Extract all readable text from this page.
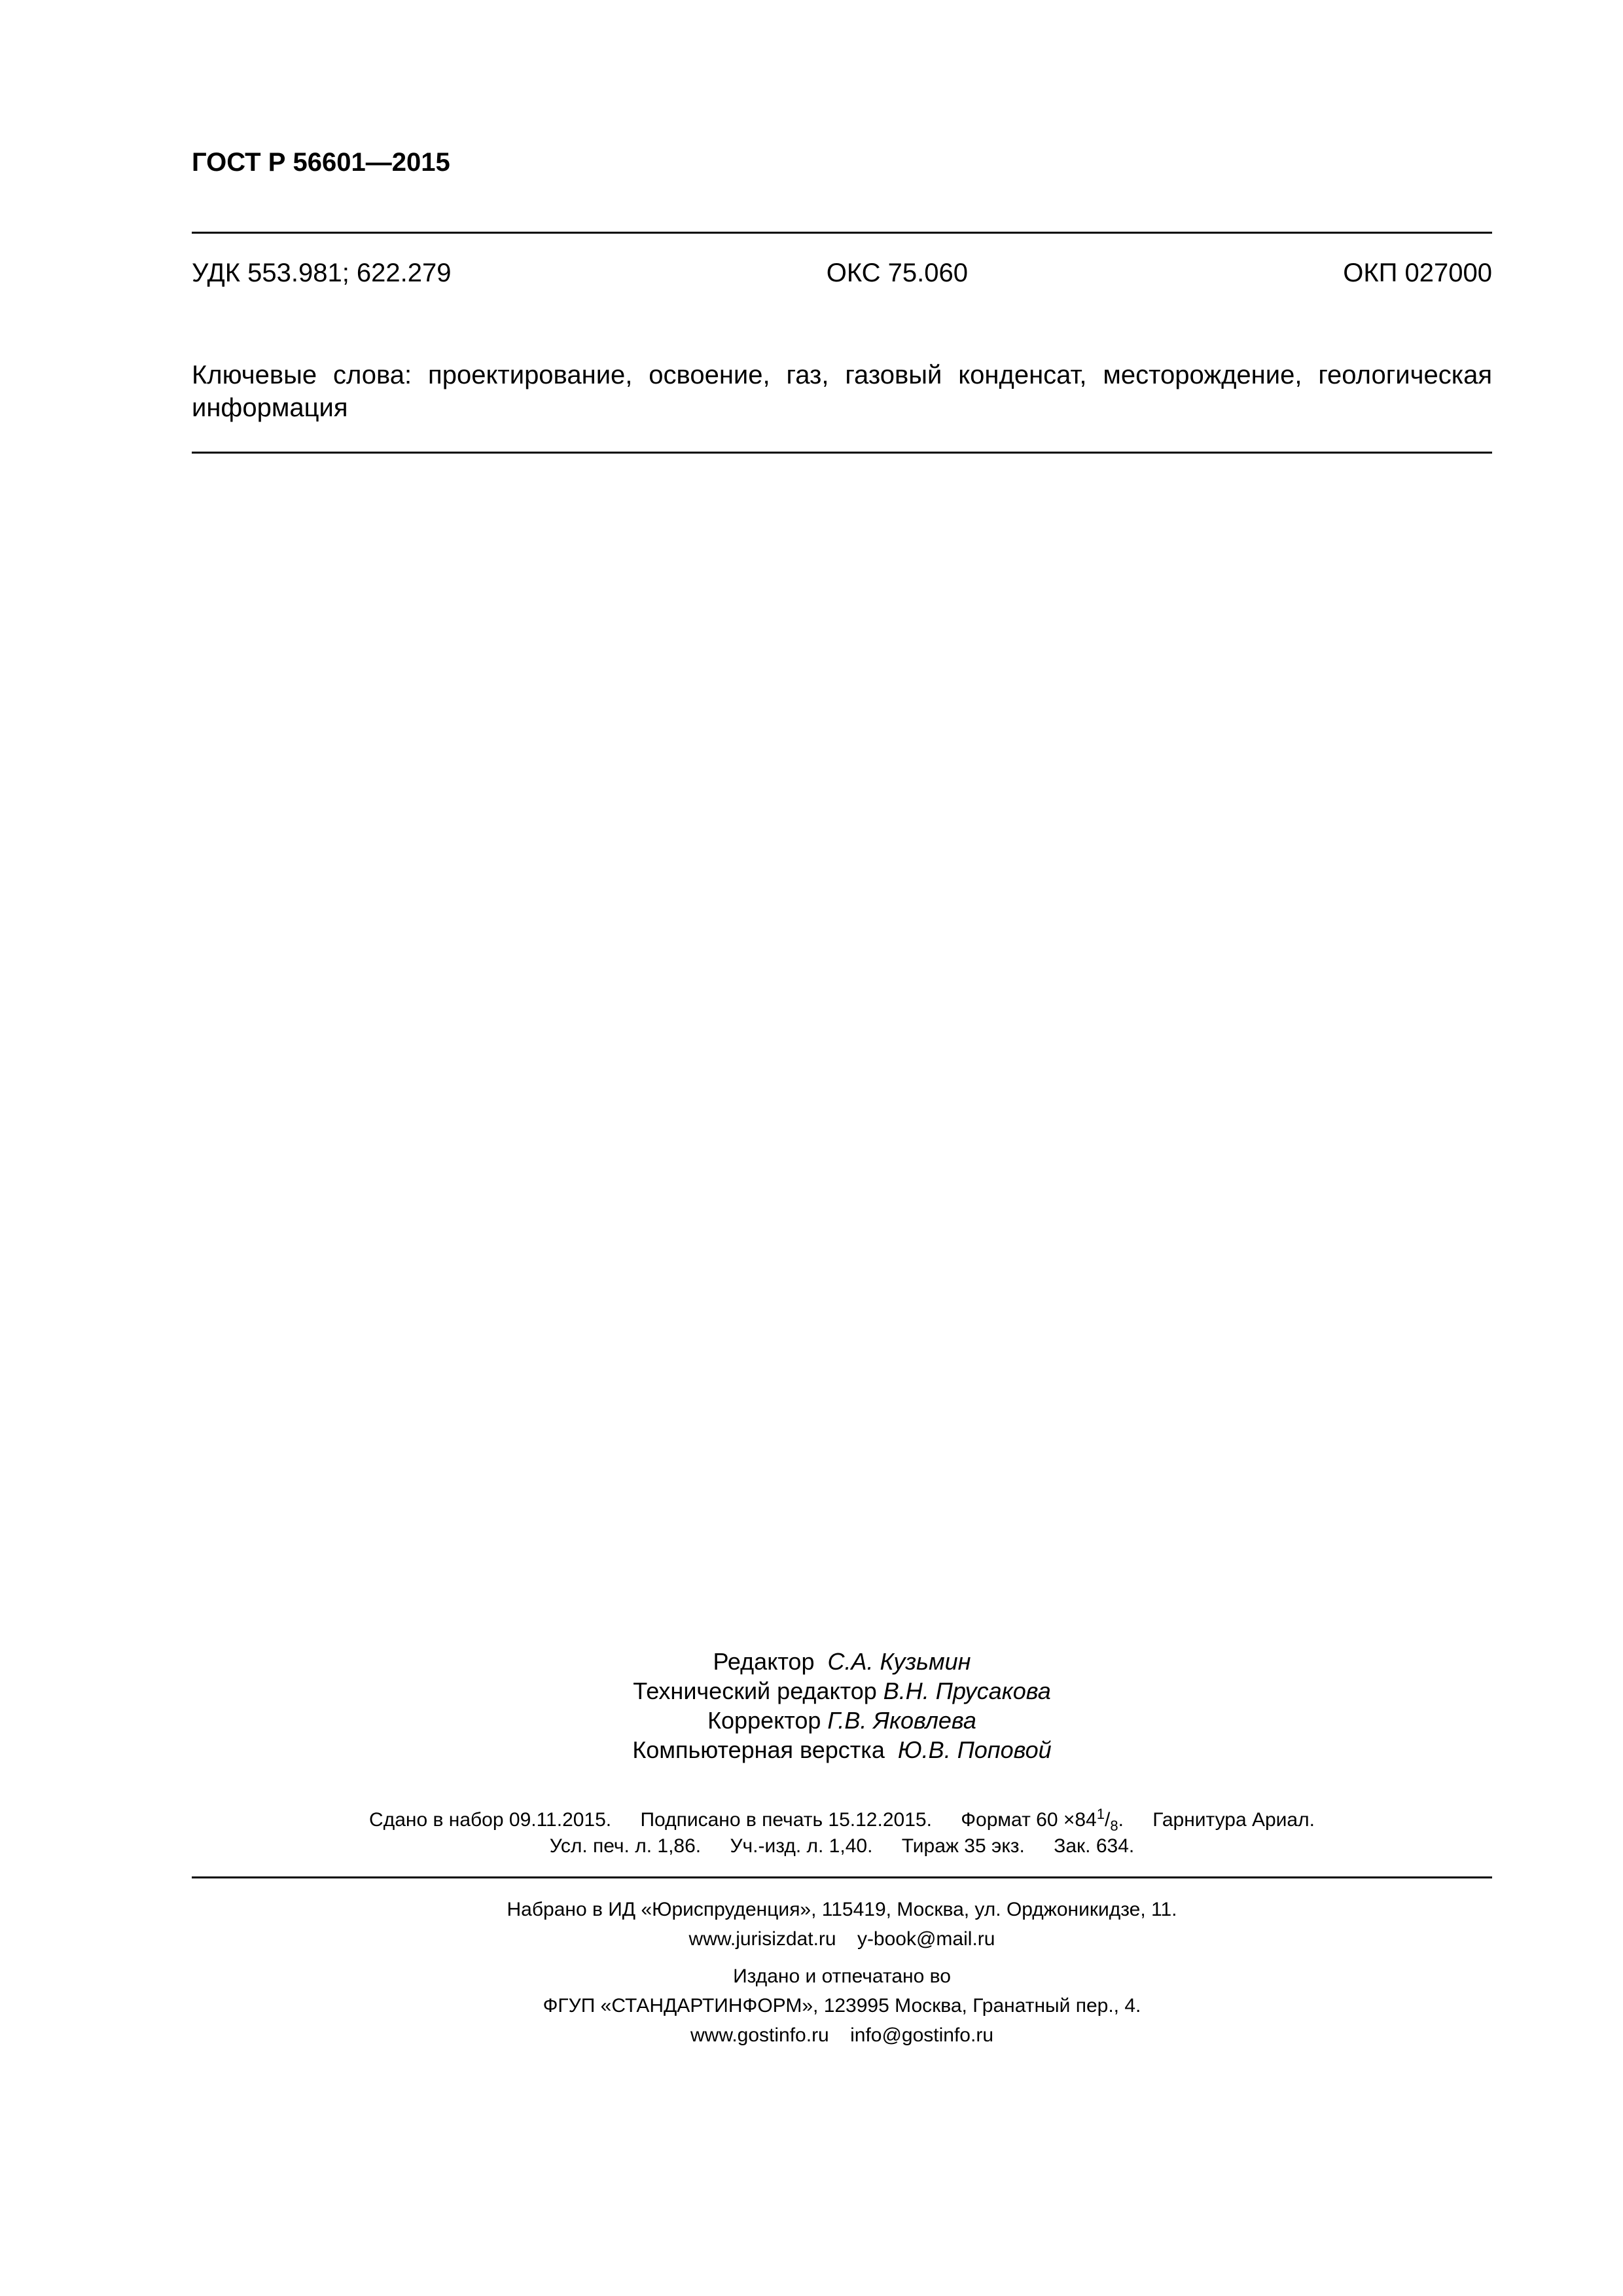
ГОСТ Р 56601—2015
УДК 553.981; 622.279	ОКС 75.060	ОКП 027000
Ключевые слова: проектирование, освоение, газ, газовый конденсат, месторождение, геологическая информация
Редактор С.А. Кузьмин
Технический редактор В.Н. Прусакова
Корректор Г.В. Яковлева
Компьютерная верстка Ю.В. Поповой
Сдано в набор 09.11.2015. Подписано в печать 15.12.2015. Формат $60 \times 84^1/_8$. Гарнитура Ариал.
Усл. печ. л. 1,86. Уч.-изд. л. 1,40. Тираж 35 экз. Зак. 634.
Набрано в ИД «Юриспруденция», 115419, Москва, ул. Орджоникидзе, 11.
www.jurisizdat.ru y-book@mail.ru
Издано и отпечатано во
ФГУП «СТАНДАРТИНФОРМ», 123995 Москва, Гранатный пер., 4.
www.gostinfo.ru info@gostinfo.ru
